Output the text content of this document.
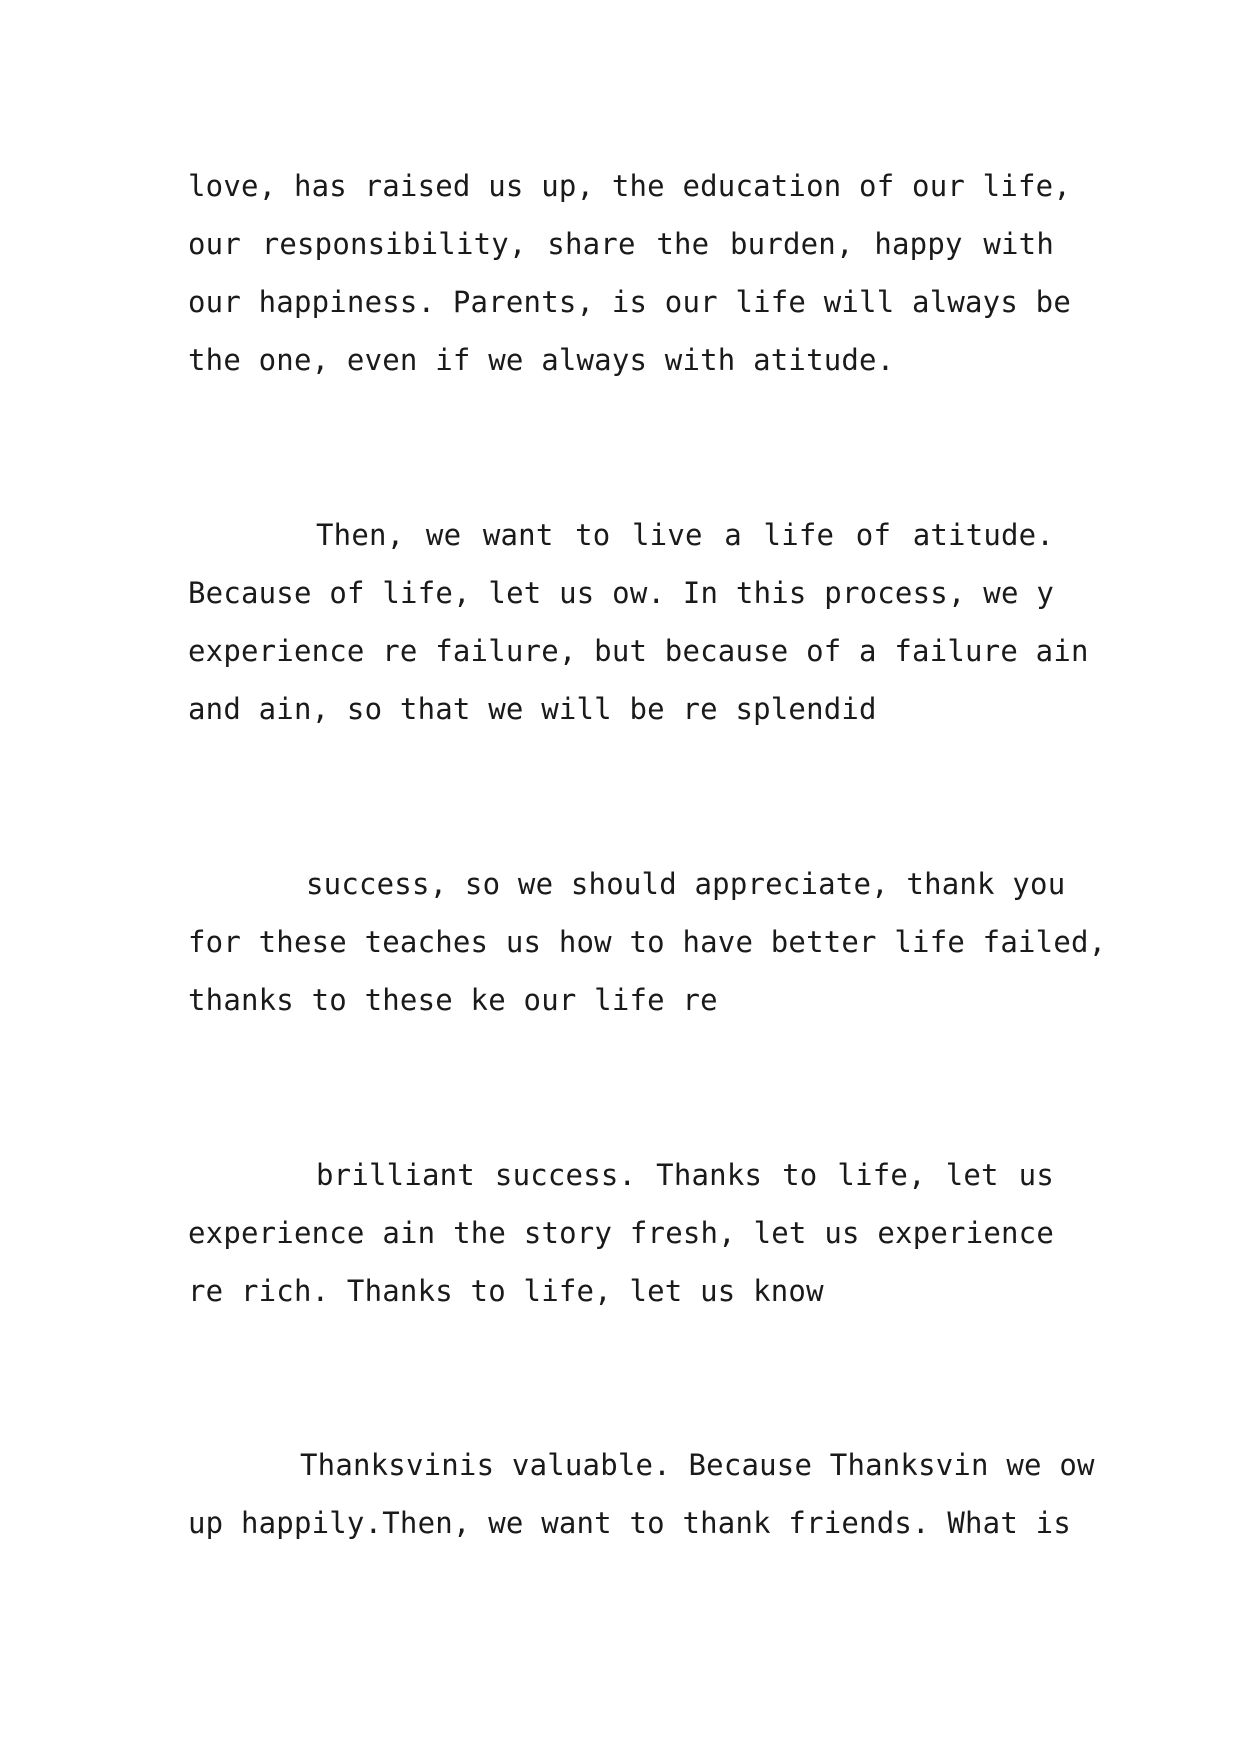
love, has raised us up, the education of our life,
our responsibility, share the burden, happy with
our happiness. Parents, is our life will always be
the one, even if we always with atitude.
Then, we want to live a life of atitude.
Because of life, let us ow. In this process, we y
experience re failure, but because of a failure ain
and ain, so that we will be re splendid
success, so we should appreciate, thank you
for these teaches us how to have better life failed,
thanks to these ke our life re
brilliant success. Thanks to life, let us
experience ain the story fresh, let us experience
re rich. Thanks to life, let us know
Thanksvinis valuable. Because Thanksvin we ow
up happily.Then, we want to thank friends. What is
